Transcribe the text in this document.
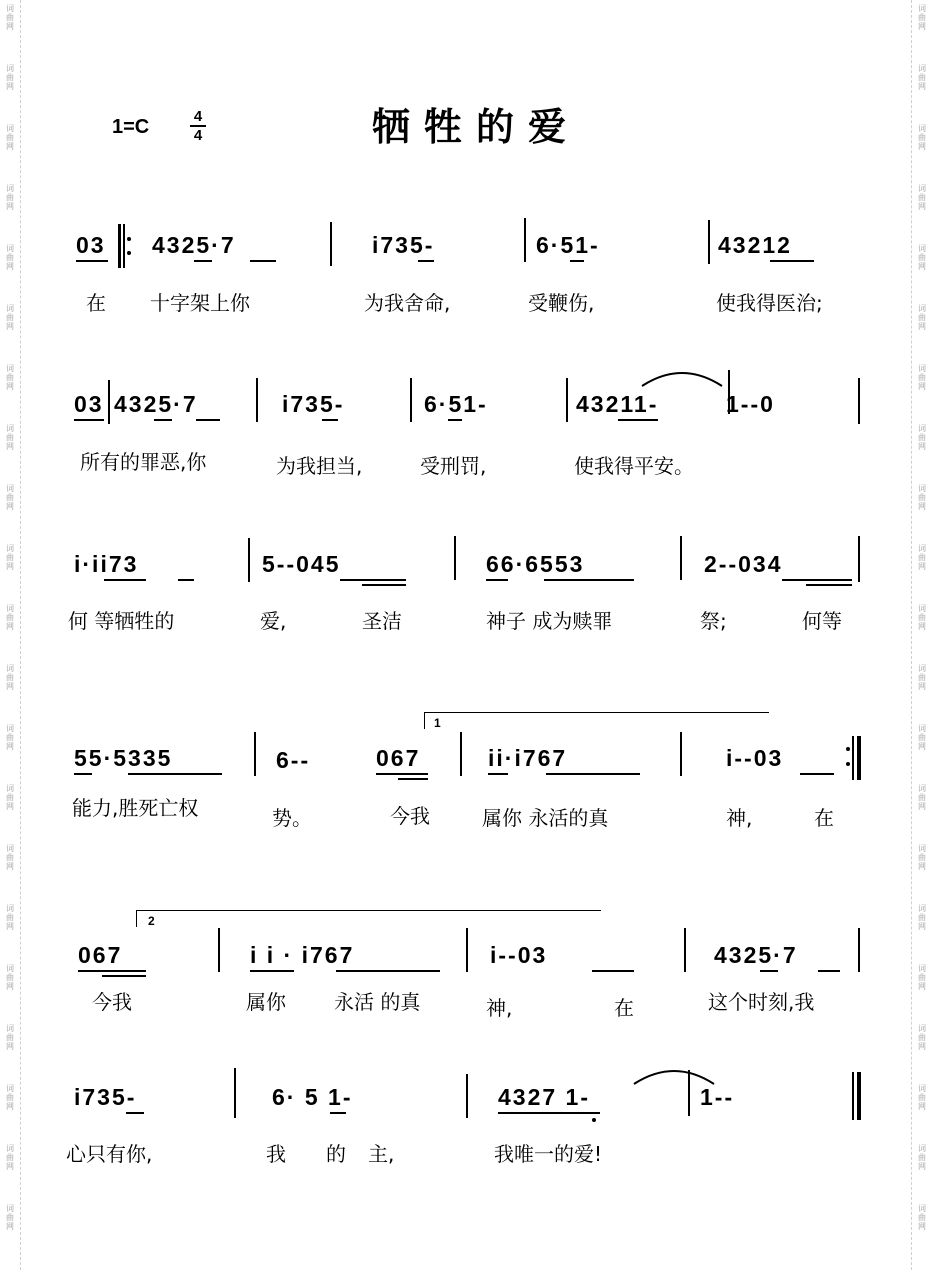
词
曲
网
词
曲
网
词
曲
网
词
曲
网
词
曲
网
词
曲
网
词
曲
网
词
曲
网
词
曲
网
词
曲
网
词
曲
网
词
曲
网
词
曲
网
词
曲
网
词
曲
网
词
曲
网
词
曲
网
词
曲
网
词
曲
网
词
曲
网
词
曲
网
词
曲
网
词
曲
网
词
曲
网
词
曲
网
词
曲
网
词
曲
网
词
曲
网
词
曲
网
词
曲
网
词
曲
网
词
曲
网
词
曲
网
词
曲
网
词
曲
网
词
曲
网
词
曲
网
词
曲
网
词
曲
网
词
曲
网
词
曲
网
词
曲
网
1=C	4
4	牺牲的爱
03 4325·7	i735-	6·51-	43212
在 十字架上你	为我舍命,	受鞭伤,	使我得医治;
03 4325·7	i735-	6·51-	43211-	1--0
所有的罪恶,你	为我担当,	受刑罚,	使我得平安。
i·ii73	5--045	66·6553	2--034
何 等牺牲的	爱,	圣洁	神子 成为赎罪	祭;	何等
55·5335	6--	067
1
ii·i767	i--03
能力,胜死亡权	势。	今我	属你 永活的真	神,	在
2
067	i i · i767	i--03	4325·7
今我	属你 永活 的真	神,	在	这个时刻,我
i735-	6· 5 1-	4327 1-	1--
心只有你,	我 的 主,	我唯一的爱!
